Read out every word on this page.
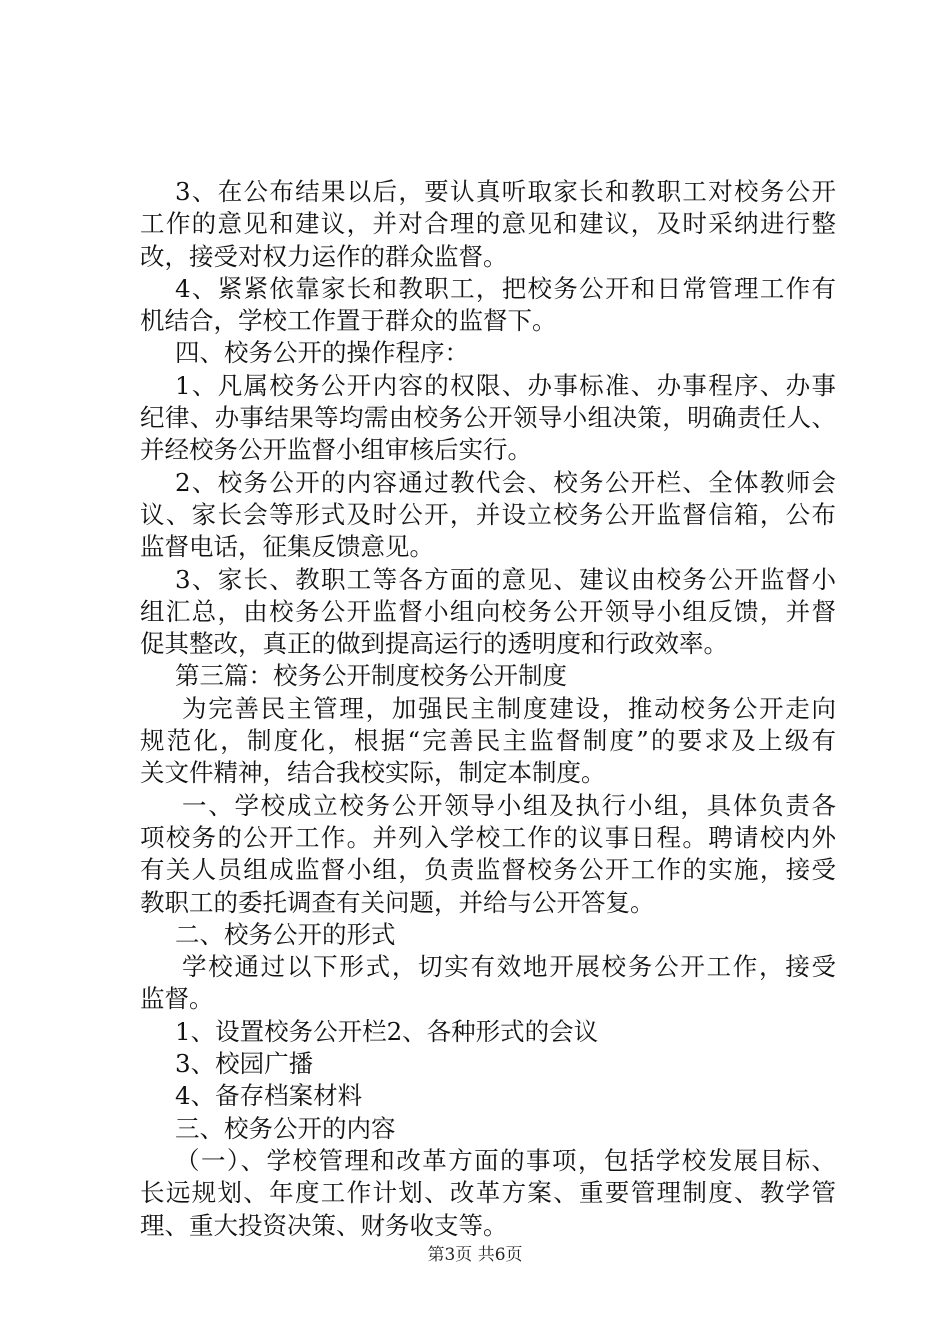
3、在公布结果以后，要认真听取家长和教职工对校务公开
工作的意见和建议，并对合理的意见和建议，及时采纳进行整
改，接受对权力运作的群众监督。
4、紧紧依靠家长和教职工，把校务公开和日常管理工作有
机结合，学校工作置于群众的监督下。
四、校务公开的操作程序：
1、凡属校务公开内容的权限、办事标准、办事程序、办事
纪律、办事结果等均需由校务公开领导小组决策，明确责任人、
并经校务公开监督小组审核后实行。
2、校务公开的内容通过教代会、校务公开栏、全体教师会
议、家长会等形式及时公开，并设立校务公开监督信箱，公布
监督电话，征集反馈意见。
3、家长、教职工等各方面的意见、建议由校务公开监督小
组汇总，由校务公开监督小组向校务公开领导小组反馈，并督
促其整改，真正的做到提高运行的透明度和行政效率。
第三篇：校务公开制度校务公开制度
为完善民主管理，加强民主制度建设，推动校务公开走向
规范化，制度化，根据“完善民主监督制度”的要求及上级有
关文件精神，结合我校实际，制定本制度。
一、学校成立校务公开领导小组及执行小组，具体负责各
项校务的公开工作。并列入学校工作的议事日程。聘请校内外
有关人员组成监督小组，负责监督校务公开工作的实施，接受
教职工的委托调查有关问题，并给与公开答复。
二、校务公开的形式
学校通过以下形式，切实有效地开展校务公开工作，接受
监督。
1、设置校务公开栏2、各种形式的会议
3、校园广播
4、备存档案材料
三、校务公开的内容
（一）、学校管理和改革方面的事项，包括学校发展目标、
长远规划、年度工作计划、改革方案、重要管理制度、教学管
理、重大投资决策、财务收支等。
第3页 共6页
